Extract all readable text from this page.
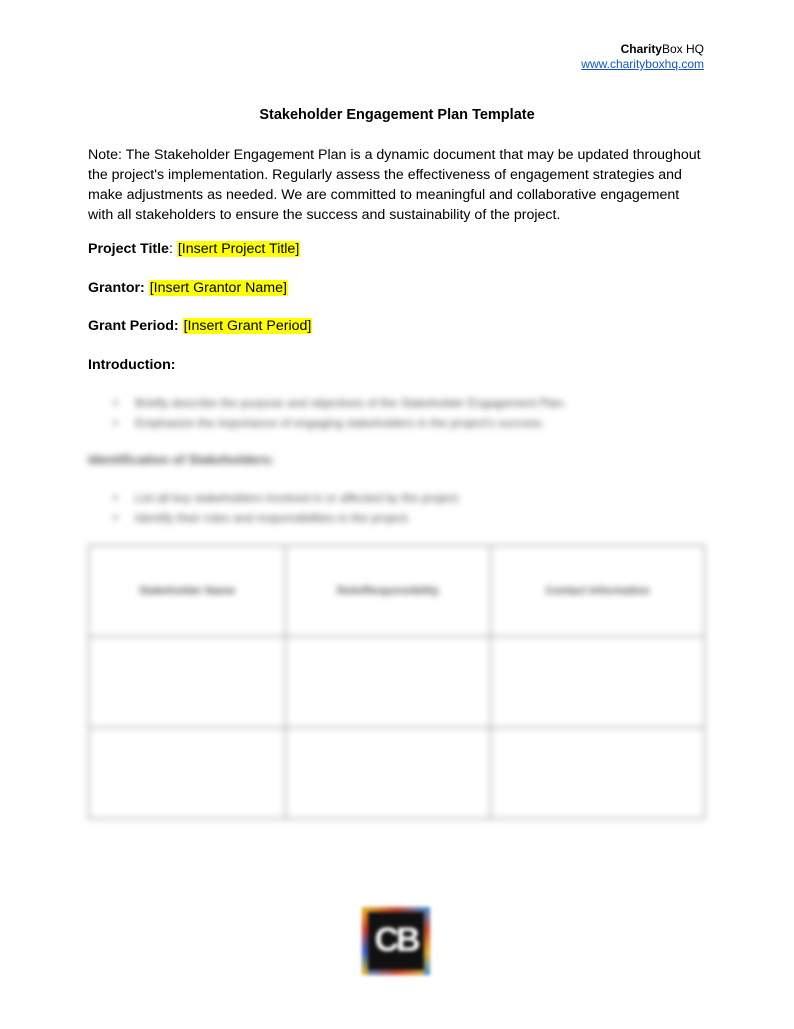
CharityBox HQ
www.charityboxhq.com
Stakeholder Engagement Plan Template
Note: The Stakeholder Engagement Plan is a dynamic document that may be updated throughout the project's implementation. Regularly assess the effectiveness of engagement strategies and make adjustments as needed. We are committed to meaningful and collaborative engagement with all stakeholders to ensure the success and sustainability of the project.
Project Title: [Insert Project Title]
Grantor: [Insert Grantor Name]
Grant Period: [Insert Grant Period]
Introduction:
● Briefly describe the purpose and objectives of the Stakeholder Engagement Plan.
● Emphasize the importance of engaging stakeholders in the project's success.
Identification of Stakeholders:
● List all key stakeholders involved in or affected by the project.
● Identify their roles and responsibilities in the project.
Stakeholder Name	Role/Responsibility	Contact Information

CB
